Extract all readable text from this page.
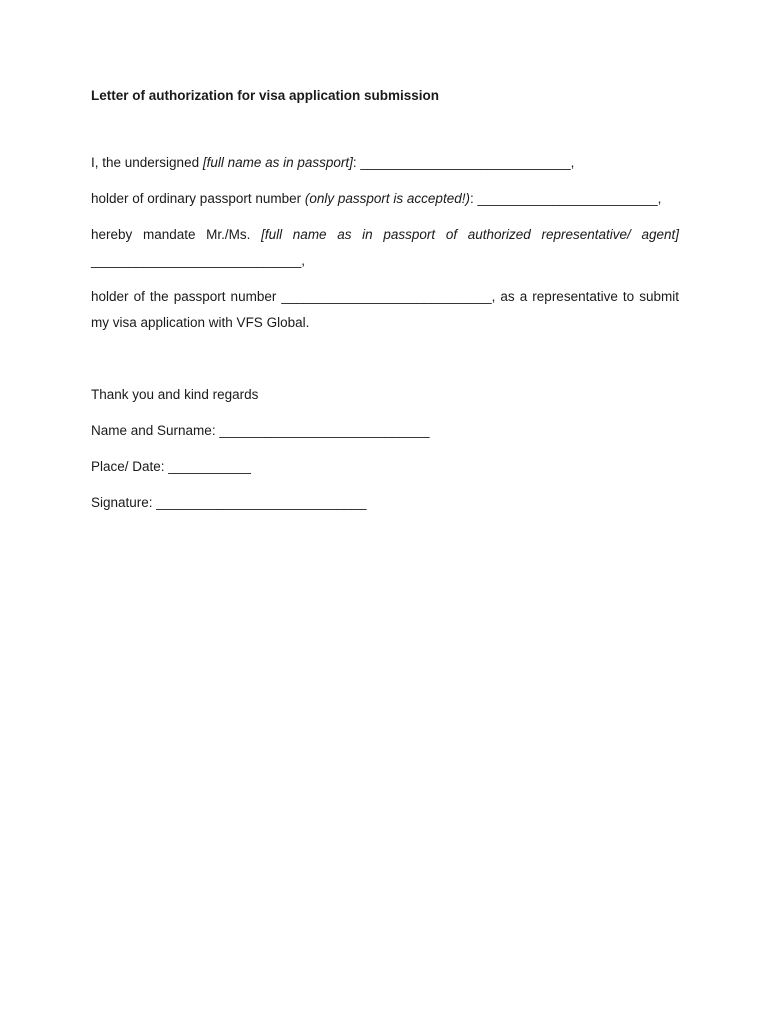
Letter of authorization for visa application submission
I, the undersigned [full name as in passport]: ____________________________,
holder of ordinary passport number (only passport is accepted!): ________________________,
hereby mandate Mr./Ms. [full name as in passport of authorized representative/ agent]
____________________________,
holder of the passport number ____________________________, as a representative to submit
my visa application with VFS Global.
Thank you and kind regards
Name and Surname: ____________________________
Place/ Date: ___________
Signature: ____________________________
